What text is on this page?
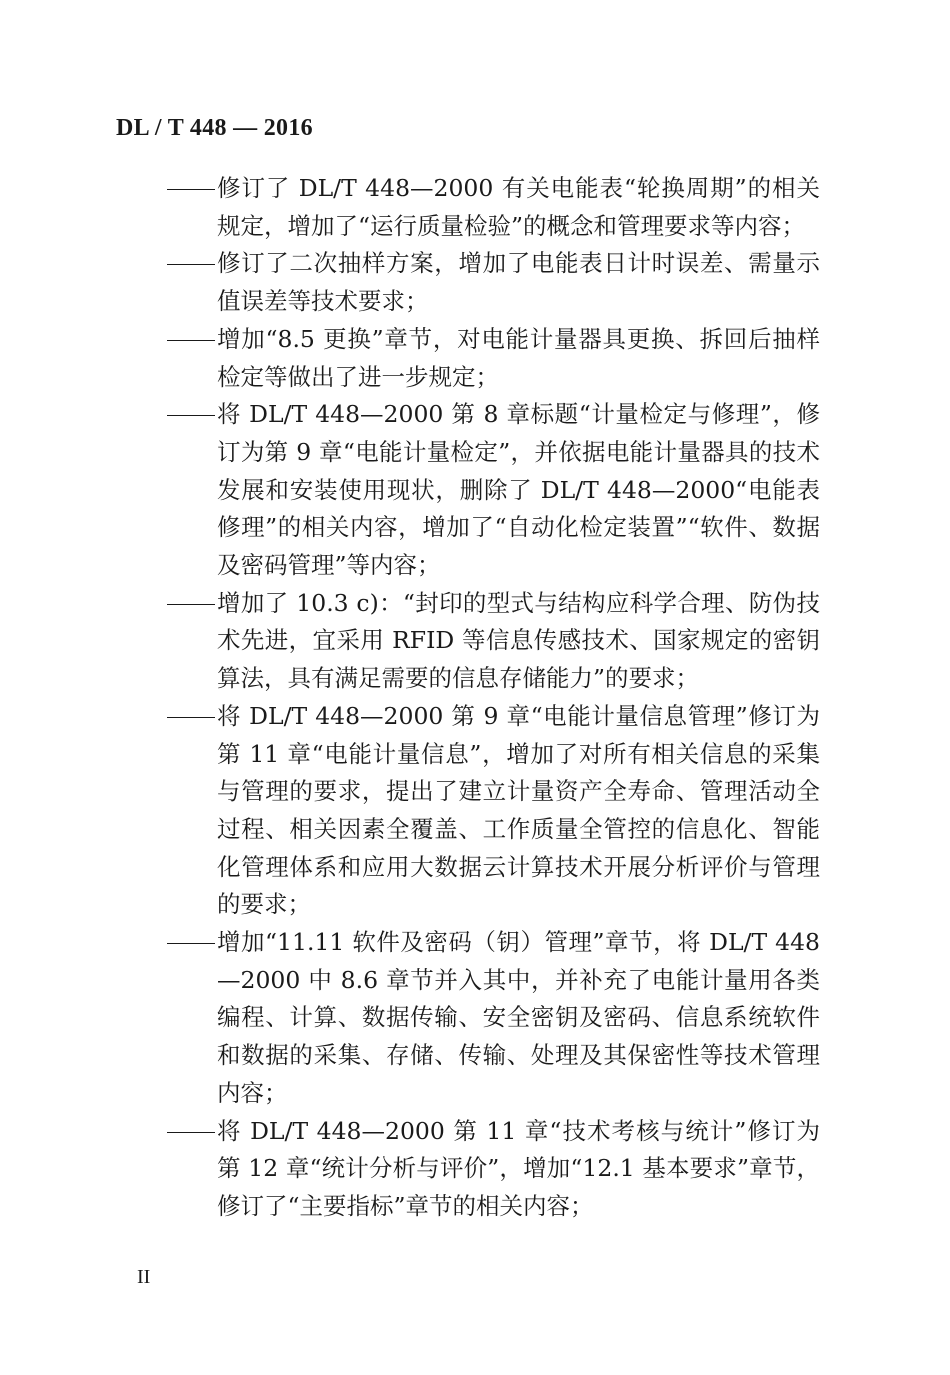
DL / T 448 — 2016
修订了 DL/T 448—2000 有关电能表“轮换周期”的相关规定，增加了“运行质量检验”的概念和管理要求等内容；
修订了二次抽样方案，增加了电能表日计时误差、需量示值误差等技术要求；
增加“8.5 更换”章节，对电能计量器具更换、拆回后抽样检定等做出了进一步规定；
将 DL/T 448—2000 第 8 章标题“计量检定与修理”，修订为第 9 章“电能计量检定”，并依据电能计量器具的技术发展和安装使用现状，删除了 DL/T 448—2000“电能表修理”的相关内容，增加了“自动化检定装置”“软件、数据及密码管理”等内容；
增加了 10.3 c)：“封印的型式与结构应科学合理、防伪技术先进，宜采用 RFID 等信息传感技术、国家规定的密钥算法，具有满足需要的信息存储能力”的要求；
将 DL/T 448—2000 第 9 章“电能计量信息管理”修订为第 11 章“电能计量信息”，增加了对所有相关信息的采集与管理的要求，提出了建立计量资产全寿命、管理活动全过程、相关因素全覆盖、工作质量全管控的信息化、智能化管理体系和应用大数据云计算技术开展分析评价与管理的要求；
增加“11.11 软件及密码（钥）管理”章节，将 DL/T 448—2000 中 8.6 章节并入其中，并补充了电能计量用各类编程、计算、数据传输、安全密钥及密码、信息系统软件和数据的采集、存储、传输、处理及其保密性等技术管理内容；
将 DL/T 448—2000 第 11 章“技术考核与统计”修订为第 12 章“统计分析与评价”，增加“12.1 基本要求”章节，修订了“主要指标”章节的相关内容；
II
